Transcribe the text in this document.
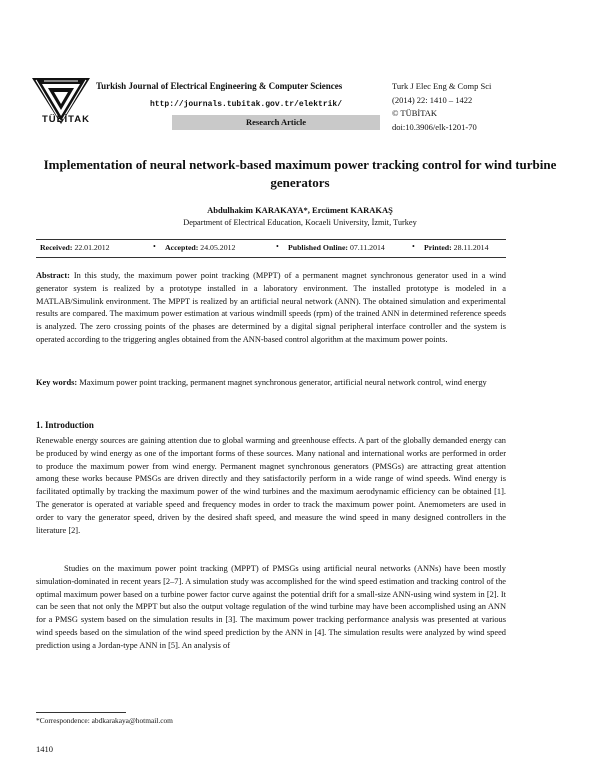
TÜBİTAK
Turkish Journal of Electrical Engineering & Computer Sciences
http://journals.tubitak.gov.tr/elektrik/
Research Article
Turk J Elec Eng & Comp Sci
(2014) 22: 1410 – 1422
© TÜBİTAK
doi:10.3906/elk-1201-70
Implementation of neural network-based maximum power tracking control for wind turbine generators
Abdulhakim KARAKAYA*, Ercüment KARAKAŞ
Department of Electrical Education, Kocaeli University, İzmit, Turkey
Received: 22.01.2012	• Accepted: 24.05.2012	• Published Online: 07.11.2014	• Printed: 28.11.2014
Abstract: In this study, the maximum power point tracking (MPPT) of a permanent magnet synchronous generator used in a wind generator system is realized by a prototype installed in a laboratory environment. The installed prototype is modeled in a MATLAB/Simulink environment. The MPPT is realized by an artificial neural network (ANN). The obtained simulation and experimental results are compared. The maximum power estimation at various windmill speeds (rpm) of the trained ANN in determined reference speeds is analyzed. The zero crossing points of the phases are determined by a digital signal peripheral interface controller and the system is operated according to the triggering angles obtained from the ANN-based control algorithm at the maximum power points.
Key words: Maximum power point tracking, permanent magnet synchronous generator, artificial neural network control, wind energy
1. Introduction
Renewable energy sources are gaining attention due to global warming and greenhouse effects. A part of the globally demanded energy can be produced by wind energy as one of the important forms of these sources. Many national and international works are performed in order to produce the maximum power from wind energy. Permanent magnet synchronous generators (PMSGs) are attracting great attention among these works because PMSGs are driven directly and they satisfactorily perform in a wide range of wind speeds. Wind energy is facilitated optimally by tracking the maximum power of the wind turbines and the maximum aerodynamic efficiency can be obtained [1]. The generator is operated at variable speed and frequency modes in order to track the maximum power point. Anemometers are used in order to vary the generator speed, driven by the desired shaft speed, and measure the wind speed in many designed controllers in the literature [2].
Studies on the maximum power point tracking (MPPT) of PMSGs using artificial neural networks (ANNs) have been mostly simulation-dominated in recent years [2–7]. A simulation study was accomplished for the wind speed estimation and tracking control of the optimal maximum power based on a turbine power factor curve against the potential drift for a small-size ANN-using wind system in [2]. It can be seen that not only the MPPT but also the output voltage regulation of the wind turbine may have been accomplished using an ANN for a PMSG system based on the simulation results in [3]. The maximum power tracking performance analysis was presented at various wind speeds based on the simulation of the wind speed prediction by the ANN in [4]. The simulation results were analyzed by wind speed prediction using a Jordan-type ANN in [5]. An analysis of
*Correspondence: abdkarakaya@hotmail.com
1410
